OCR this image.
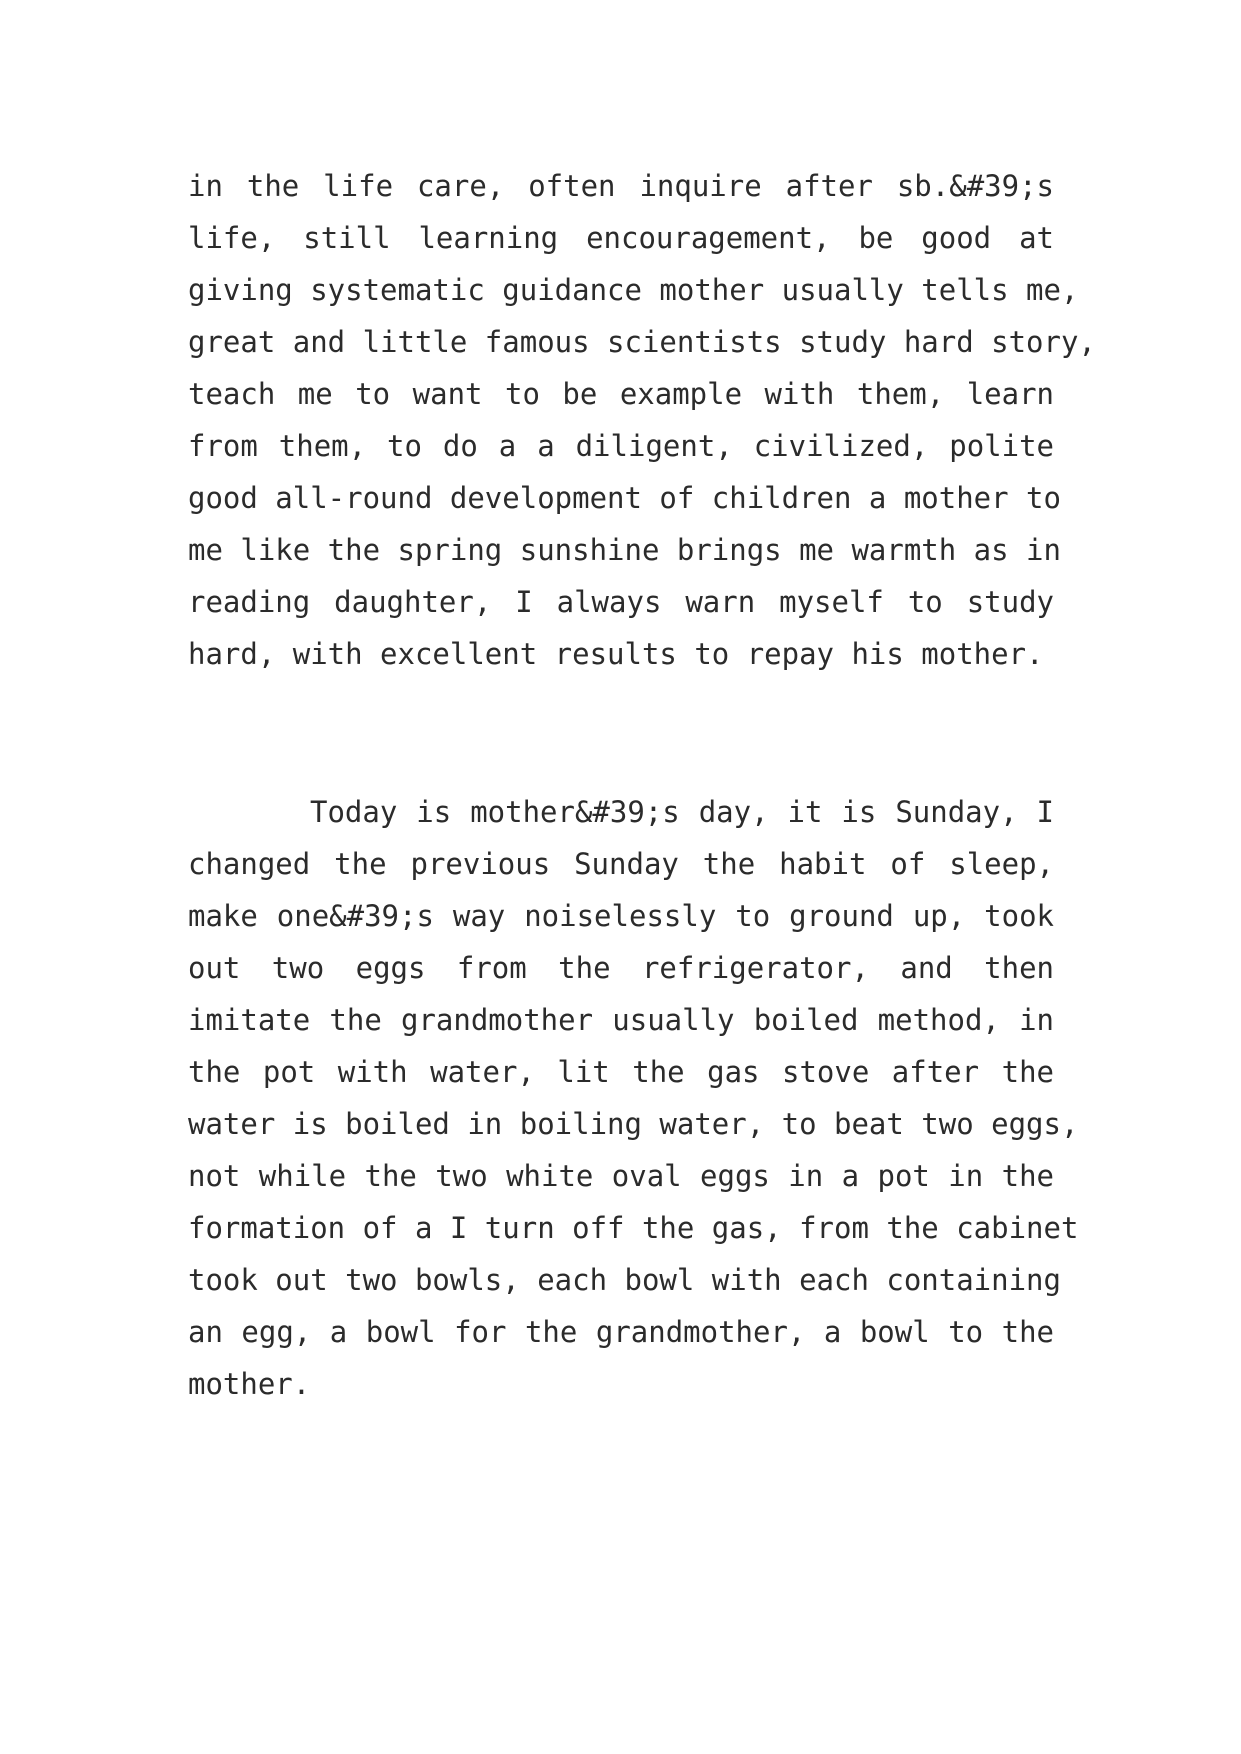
in the life care, often inquire after sb.&#39;s
life, still learning encouragement, be good at
giving systematic guidance mother usually tells me,
great and little famous scientists study hard story,
teach me to want to be example with them, learn
from them, to do a a diligent, civilized, polite
good all-round development of children a mother to
me like the spring sunshine brings me warmth as in
reading daughter, I always warn myself to study
hard, with excellent results to repay his mother.
Today is mother&#39;s day, it is Sunday, I
changed the previous Sunday the habit of sleep,
make one&#39;s way noiselessly to ground up, took
out two eggs from the refrigerator, and then
imitate the grandmother usually boiled method, in
the pot with water, lit the gas stove after the
water is boiled in boiling water, to beat two eggs,
not while the two white oval eggs in a pot in the
formation of a I turn off the gas, from the cabinet
took out two bowls, each bowl with each containing
an egg, a bowl for the grandmother, a bowl to the
mother.
